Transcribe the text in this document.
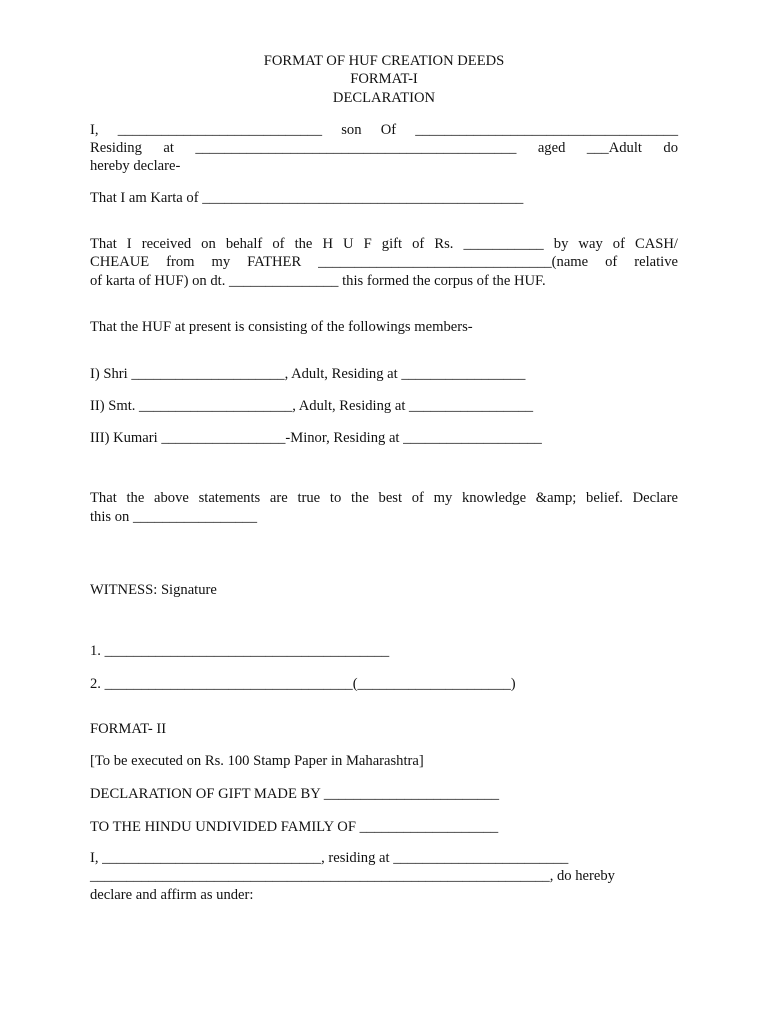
FORMAT OF HUF CREATION DEEDS
FORMAT-I
DECLARATION
I, ____________________________ son Of ____________________________________
Residing at ____________________________________________ aged ___Adult do
hereby declare-
That I am Karta of ____________________________________________
That I received on behalf of the H U F gift of Rs. ___________ by way of CASH/
CHEAUE from my FATHER ________________________________(name of relative
of karta of HUF) on dt. _______________ this formed the corpus of the HUF.
That the HUF at present is consisting of the followings members-
I) Shri _____________________, Adult, Residing at _________________
II) Smt. _____________________, Adult, Residing at _________________
III) Kumari _________________-Minor, Residing at ___________________
That the above statements are true to the best of my knowledge &amp; belief. Declare
this on _________________
WITNESS: Signature
1. _______________________________________
2. __________________________________(_____________________)
FORMAT- II
[To be executed on Rs. 100 Stamp Paper in Maharashtra]
DECLARATION OF GIFT MADE BY ________________________
TO THE HINDU UNDIVIDED FAMILY OF ___________________
I, ______________________________, residing at ________________________
_______________________________________________________________, do hereby
declare and affirm as under:
